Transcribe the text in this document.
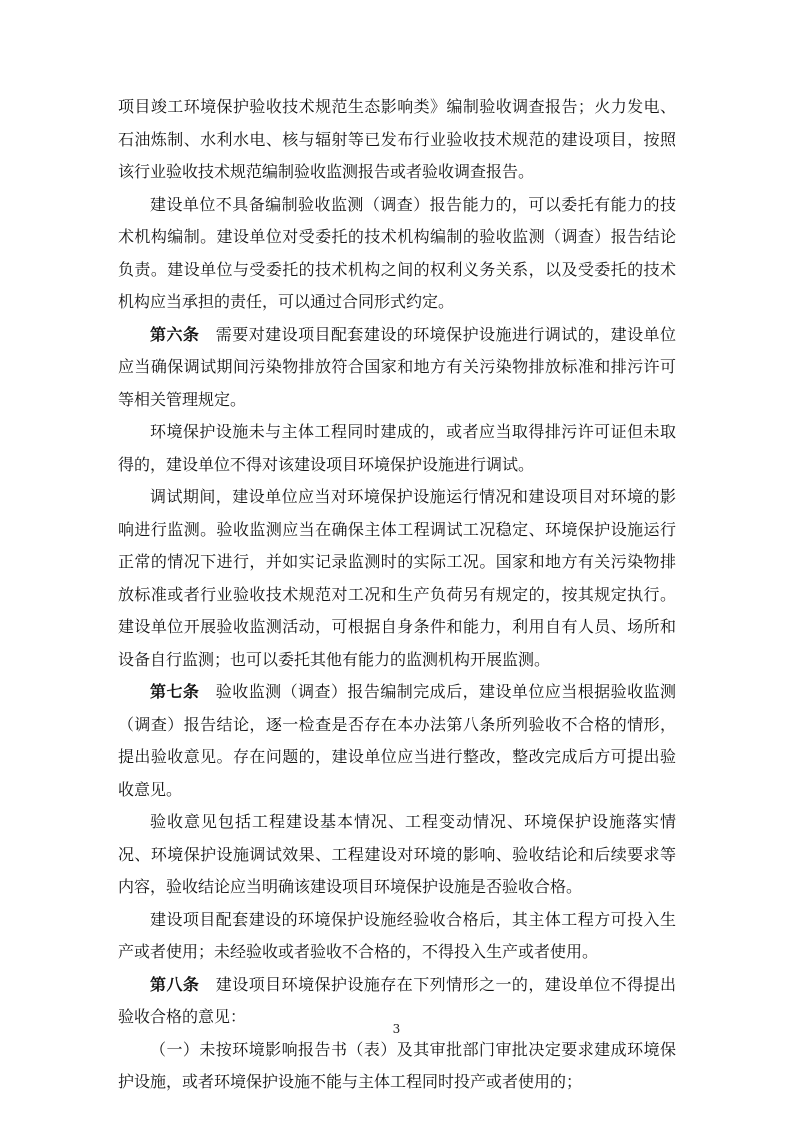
项目竣工环境保护验收技术规范生态影响类》编制验收调查报告；火力发电、石油炼制、水利水电、核与辐射等已发布行业验收技术规范的建设项目，按照该行业验收技术规范编制验收监测报告或者验收调查报告。

建设单位不具备编制验收监测（调查）报告能力的，可以委托有能力的技术机构编制。建设单位对受委托的技术机构编制的验收监测（调查）报告结论负责。建设单位与受委托的技术机构之间的权利义务关系，以及受委托的技术机构应当承担的责任，可以通过合同形式约定。

第六条　需要对建设项目配套建设的环境保护设施进行调试的，建设单位应当确保调试期间污染物排放符合国家和地方有关污染物排放标准和排污许可等相关管理规定。

环境保护设施未与主体工程同时建成的，或者应当取得排污许可证但未取得的，建设单位不得对该建设项目环境保护设施进行调试。

调试期间，建设单位应当对环境保护设施运行情况和建设项目对环境的影响进行监测。验收监测应当在确保主体工程调试工况稳定、环境保护设施运行正常的情况下进行，并如实记录监测时的实际工况。国家和地方有关污染物排放标准或者行业验收技术规范对工况和生产负荷另有规定的，按其规定执行。建设单位开展验收监测活动，可根据自身条件和能力，利用自有人员、场所和设备自行监测；也可以委托其他有能力的监测机构开展监测。

第七条　验收监测（调查）报告编制完成后，建设单位应当根据验收监测（调查）报告结论，逐一检查是否存在本办法第八条所列验收不合格的情形，提出验收意见。存在问题的，建设单位应当进行整改，整改完成后方可提出验收意见。

验收意见包括工程建设基本情况、工程变动情况、环境保护设施落实情况、环境保护设施调试效果、工程建设对环境的影响、验收结论和后续要求等内容，验收结论应当明确该建设项目环境保护设施是否验收合格。

建设项目配套建设的环境保护设施经验收合格后，其主体工程方可投入生产或者使用；未经验收或者验收不合格的，不得投入生产或者使用。

第八条　建设项目环境保护设施存在下列情形之一的，建设单位不得提出验收合格的意见：

（一）未按环境影响报告书（表）及其审批部门审批决定要求建成环境保护设施，或者环境保护设施不能与主体工程同时投产或者使用的；

3
